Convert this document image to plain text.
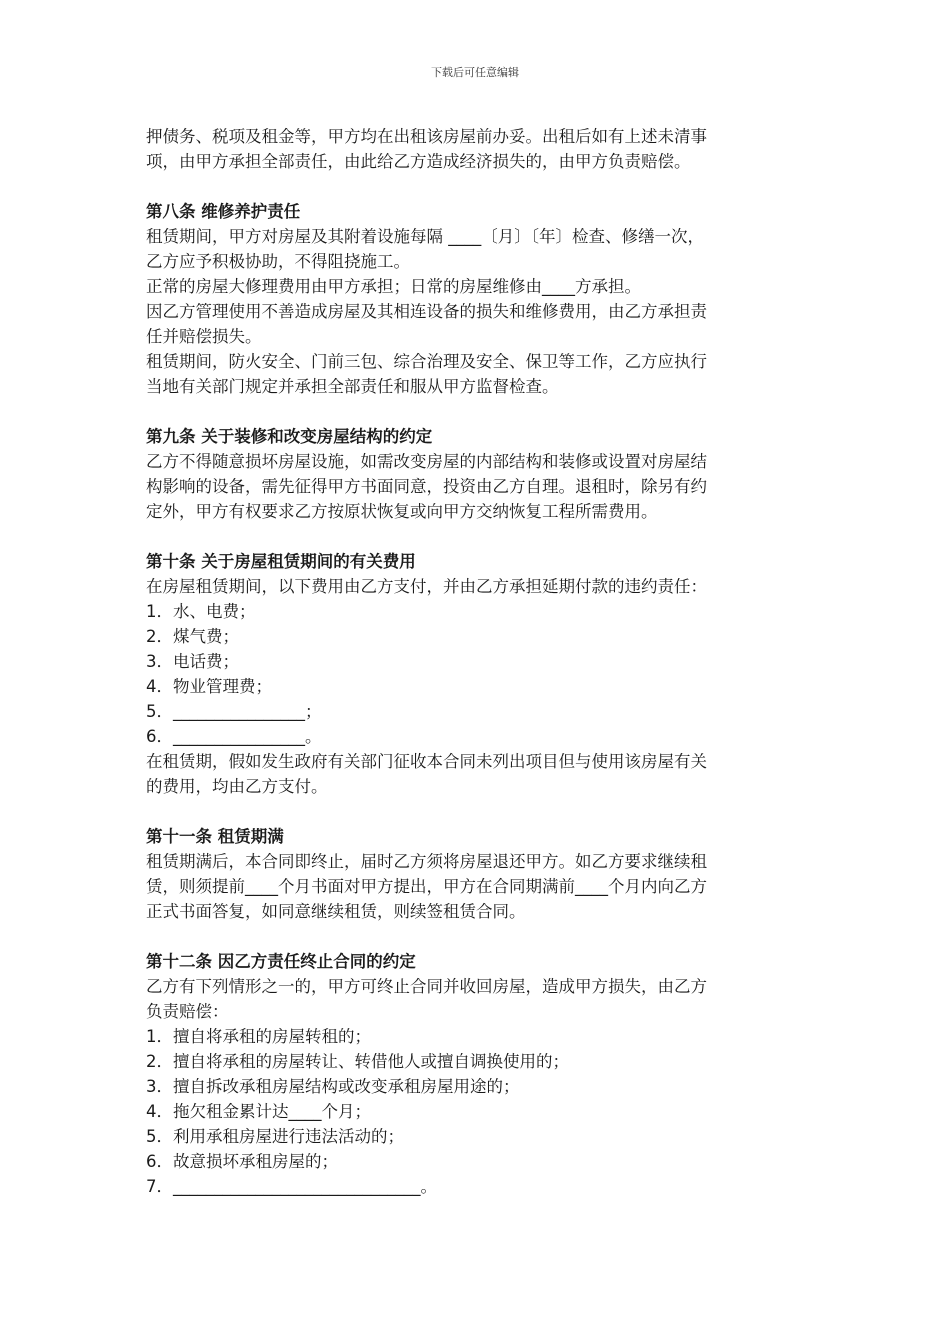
下载后可任意编辑
押债务、税项及租金等，甲方均在出租该房屋前办妥。出租后如有上述未清事
项，由甲方承担全部责任，由此给乙方造成经济损失的，由甲方负责赔偿。
第八条 维修养护责任
租赁期间，甲方对房屋及其附着设施每隔 ____〔月〕〔年〕检查、修缮一次，
乙方应予积极协助，不得阻挠施工。
正常的房屋大修理费用由甲方承担；日常的房屋维修由____方承担。
因乙方管理使用不善造成房屋及其相连设备的损失和维修费用，由乙方承担责
任并赔偿损失。
租赁期间，防火安全、门前三包、综合治理及安全、保卫等工作，乙方应执行
当地有关部门规定并承担全部责任和服从甲方监督检查。
第九条 关于装修和改变房屋结构的约定
乙方不得随意损坏房屋设施，如需改变房屋的内部结构和装修或设置对房屋结
构影响的设备，需先征得甲方书面同意，投资由乙方自理。退租时，除另有约
定外，甲方有权要求乙方按原状恢复或向甲方交纳恢复工程所需费用。
第十条 关于房屋租赁期间的有关费用
在房屋租赁期间，以下费用由乙方支付，并由乙方承担延期付款的违约责任：
1．水、电费；
2．煤气费；
3．电话费；
4．物业管理费；
5．________________；
6．________________。
在租赁期，假如发生政府有关部门征收本合同未列出项目但与使用该房屋有关
的费用，均由乙方支付。
第十一条 租赁期满
租赁期满后，本合同即终止，届时乙方须将房屋退还甲方。如乙方要求继续租
赁，则须提前____个月书面对甲方提出，甲方在合同期满前____个月内向乙方
正式书面答复，如同意继续租赁，则续签租赁合同。
第十二条 因乙方责任终止合同的约定
乙方有下列情形之一的，甲方可终止合同并收回房屋，造成甲方损失，由乙方
负责赔偿：
1．擅自将承租的房屋转租的；
2．擅自将承租的房屋转让、转借他人或擅自调换使用的；
3．擅自拆改承租房屋结构或改变承租房屋用途的；
4．拖欠租金累计达____个月；
5．利用承租房屋进行违法活动的；
6．故意损坏承租房屋的；
7．______________________________。
